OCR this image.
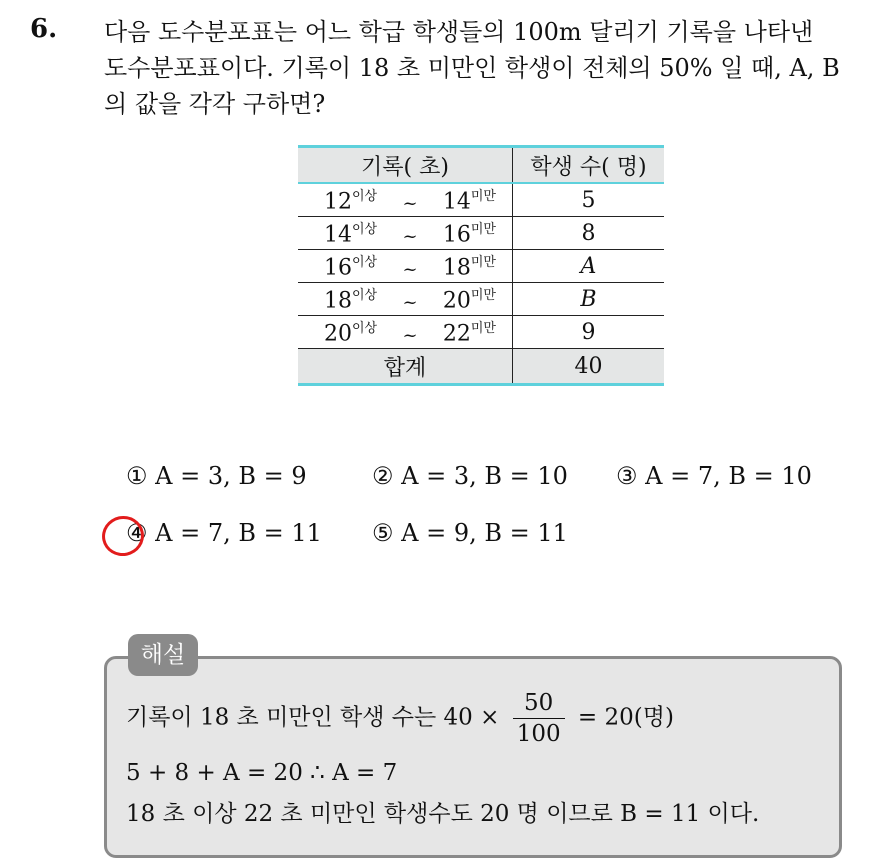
6. 다음 도수분포표는 어느 학급 학생들의 100m 달리기 기록을 나타낸
도수분포표이다. 기록이 18 초 미만인 학생이 전체의 50% 일 때, A, B
의 값을 각각 구하면?
기록( 초)	학생 수( 명)

$12^{이상}$ ~ $14^{미만}$	5

$14^{이상}$ ~ $16^{미만}$	8

$16^{이상}$ ~ $18^{미만}$	A

$18^{이상}$ ~ $20^{미만}$	B

$20^{이상}$ ~ $22^{미만}$	9
합계	40
① A = 3, B = 9	② A = 3, B = 10 ③ A = 7, B = 10
④ A = 7, B = 11 ⑤ A = 9, B = 11
해설
기록이 18 초 미만인 학생 수는 $40 \times \frac{50}{100} = 20$(명)
5 + 8 + A = 20 ∴ A = 7
18 초 이상 22 초 미만인 학생수도 20 명 이므로 B = 11 이다.
